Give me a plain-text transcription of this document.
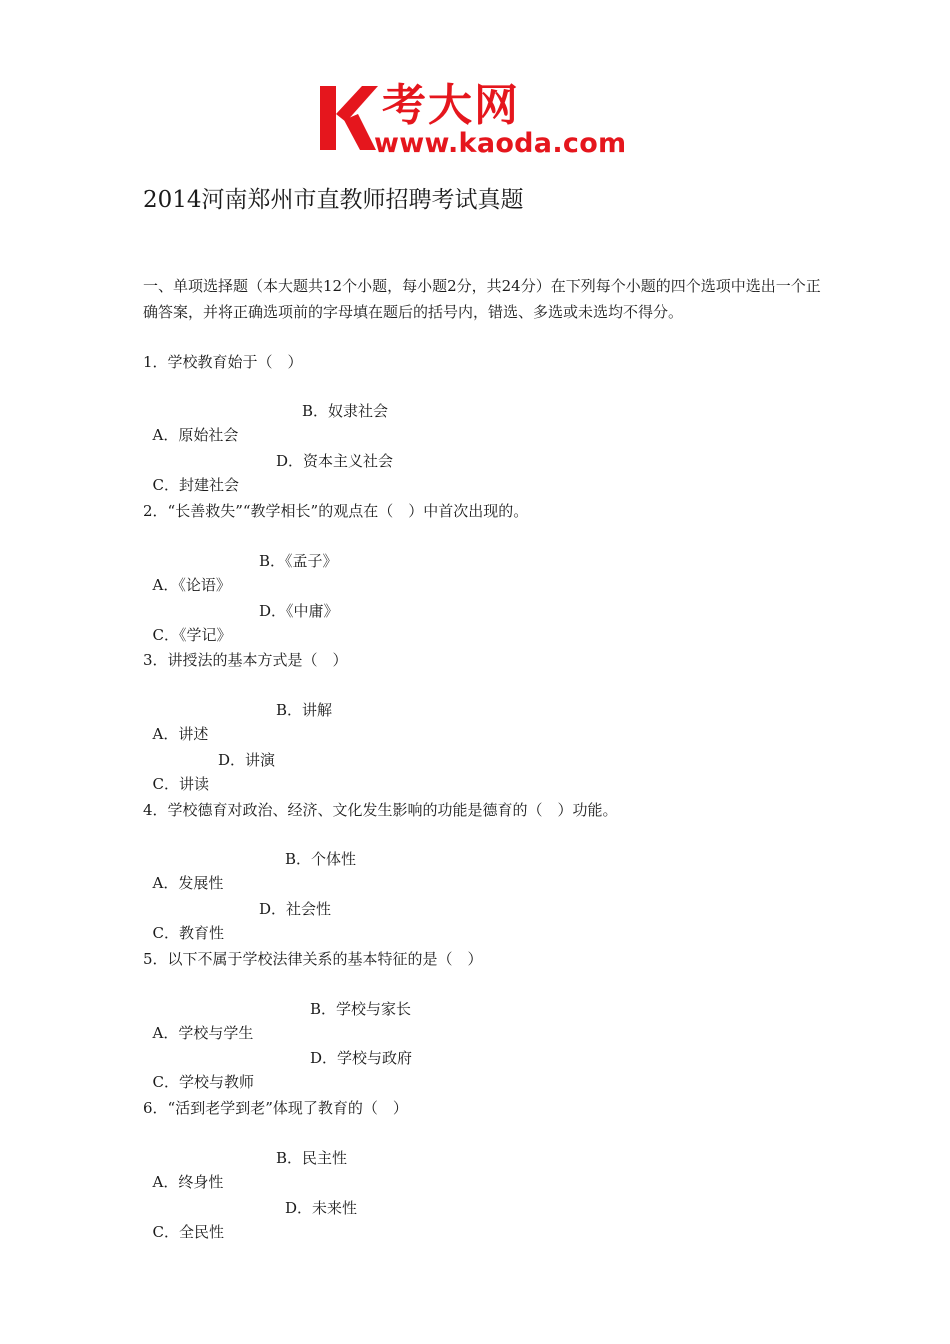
考大网
www.kaoda.com
2014河南郑州市直教师招聘考试真题

一、单项选择题（本大题共12个小题，每小题2分，共24分）在下列每个小题的四个选项中选出一个正确答案，并将正确选项前的字母填在题后的括号内，错选、多选或未选均不得分。

1．学校教育始于（　）

A．原始社会

B．奴隶社会

C．封建社会

D．资本主义社会

2．“长善救失”“教学相长”的观点在（　）中首次出现的。

A．《论语》

B．《孟子》

C．《学记》

D．《中庸》

3．讲授法的基本方式是（　）

A．讲述

B．讲解

C．讲读

D．讲演

4．学校德育对政治、经济、文化发生影响的功能是德育的（　）功能。

A．发展性

B．个体性

C．教育性

D．社会性

5．以下不属于学校法律关系的基本特征的是（　）

A．学校与学生

B．学校与家长

C．学校与教师

D．学校与政府

6．“活到老学到老”体现了教育的（　）

A．终身性

B．民主性

C．全民性

D．未来性
